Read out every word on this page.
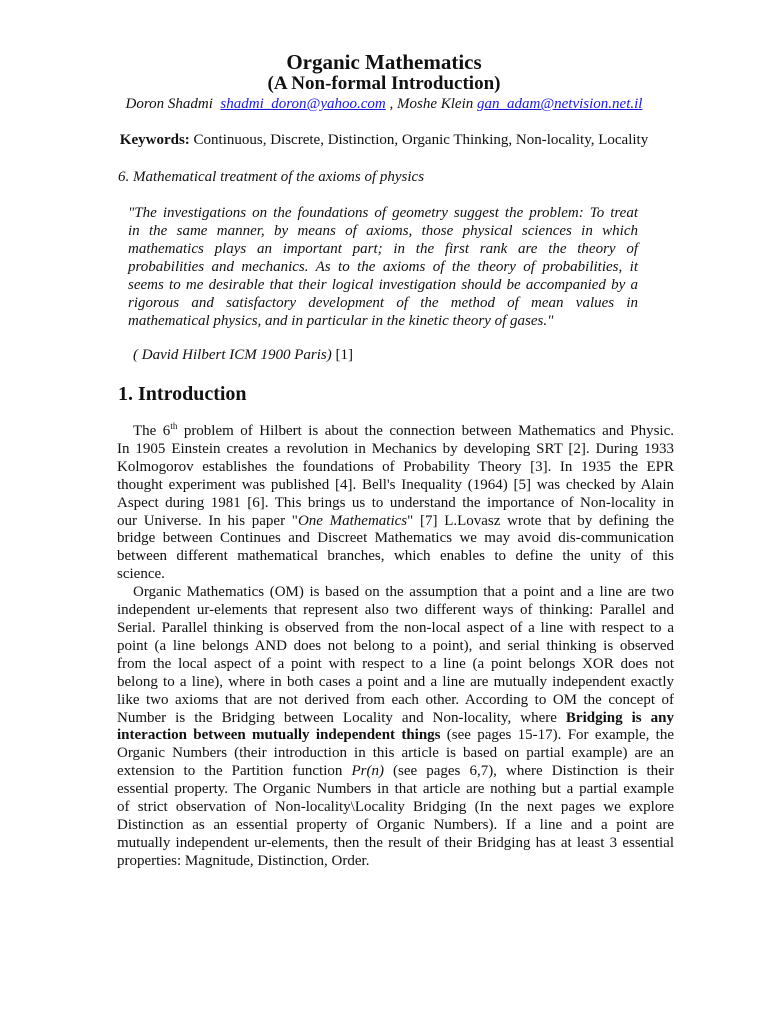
Organic Mathematics
(A Non-formal Introduction)
Doron Shadmi shadmi_doron@yahoo.com , Moshe Klein gan_adam@netvision.net.il
Keywords: Continuous, Discrete, Distinction, Organic Thinking, Non-locality, Locality
6. Mathematical treatment of the axioms of physics
"The investigations on the foundations of geometry suggest the problem: To treat
in the same manner, by means of axioms, those physical sciences in which
mathematics plays an important part; in the first rank are the theory of
probabilities and mechanics. As to the axioms of the theory of probabilities, it
seems to me desirable that their logical investigation should be accompanied by a
rigorous and satisfactory development of the method of mean values in
mathematical physics, and in particular in the kinetic theory of gases."
( David Hilbert ICM 1900 Paris) [1]
1. Introduction
The 6th problem of Hilbert is about the connection between Mathematics and Physic.
In 1905 Einstein creates a revolution in Mechanics by developing SRT [2]. During 1933
Kolmogorov establishes the foundations of Probability Theory [3]. In 1935 the EPR
thought experiment was published [4]. Bell's Inequality (1964) [5] was checked by Alain
Aspect during 1981 [6]. This brings us to understand the importance of Non-locality in
our Universe. In his paper "One Mathematics" [7] L.Lovasz wrote that by defining the
bridge between Continues and Discreet Mathematics we may avoid dis-communication
between different mathematical branches, which enables to define the unity of this
science.
Organic Mathematics (OM) is based on the assumption that a point and a line are two
independent ur-elements that represent also two different ways of thinking: Parallel and
Serial. Parallel thinking is observed from the non-local aspect of a line with respect to a
point (a line belongs AND does not belong to a point), and serial thinking is observed
from the local aspect of a point with respect to a line (a point belongs XOR does not
belong to a line), where in both cases a point and a line are mutually independent exactly
like two axioms that are not derived from each other. According to OM the concept of
Number is the Bridging between Locality and Non-locality, where Bridging is any
interaction between mutually independent things (see pages 15-17). For example, the
Organic Numbers (their introduction in this article is based on partial example) are an
extension to the Partition function Pr(n) (see pages 6,7), where Distinction is their
essential property. The Organic Numbers in that article are nothing but a partial example
of strict observation of Non-locality\Locality Bridging (In the next pages we explore
Distinction as an essential property of Organic Numbers). If a line and a point are
mutually independent ur-elements, then the result of their Bridging has at least 3 essential
properties: Magnitude, Distinction, Order.
